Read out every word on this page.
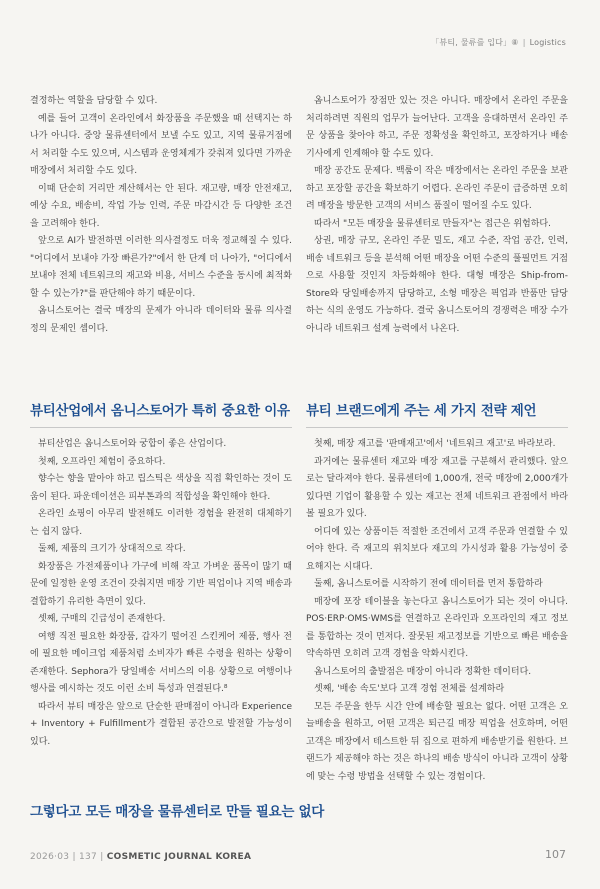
「뷰티, 물류를 입다」⑧ | Logistics

결정하는 역할을 담당할 수 있다.

예를 들어 고객이 온라인에서 화장품을 주문했을 때 선택지는 하나가 아니다. 중앙 물류센터에서 보낼 수도 있고, 지역 물류거점에서 처리할 수도 있으며, 시스템과 운영체계가 갖춰져 있다면 가까운 매장에서 처리할 수도 있다.

이때 단순히 거리만 계산해서는 안 된다. 재고량, 매장 안전재고, 예상 수요, 배송비, 작업 가능 인력, 주문 마감시간 등 다양한 조건을 고려해야 한다.

앞으로 AI가 발전하면 이러한 의사결정도 더욱 정교해질 수 있다. "어디에서 보내야 가장 빠른가?"에서 한 단계 더 나아가, "어디에서 보내야 전체 네트워크의 재고와 비용, 서비스 수준을 동시에 최적화할 수 있는가?"를 판단해야 하기 때문이다.

옴니스토어는 결국 매장의 문제가 아니라 데이터와 물류 의사결정의 문제인 셈이다.

옴니스토어가 장점만 있는 것은 아니다. 매장에서 온라인 주문을 처리하려면 직원의 업무가 늘어난다. 고객을 응대하면서 온라인 주문 상품을 찾아야 하고, 주문 정확성을 확인하고, 포장하거나 배송기사에게 인계해야 할 수도 있다.

매장 공간도 문제다. 백룸이 작은 매장에서는 온라인 주문을 보관하고 포장할 공간을 확보하기 어렵다. 온라인 주문이 급증하면 오히려 매장을 방문한 고객의 서비스 품질이 떨어질 수도 있다.

따라서 "모든 매장을 물류센터로 만들자"는 접근은 위험하다.

상권, 매장 규모, 온라인 주문 밀도, 재고 수준, 작업 공간, 인력, 배송 네트워크 등을 분석해 어떤 매장을 어떤 수준의 풀필먼트 거점으로 사용할 것인지 차등화해야 한다. 대형 매장은 Ship-from-Store와 당일배송까지 담당하고, 소형 매장은 픽업과 반품만 담당하는 식의 운영도 가능하다. 결국 옴니스토어의 경쟁력은 매장 수가 아니라 네트워크 설계 능력에서 나온다.

뷰티산업에서 옴니스토어가 특히 중요한 이유

뷰티산업은 옴니스토어와 궁합이 좋은 산업이다.

첫째, 오프라인 체험이 중요하다.

향수는 향을 맡아야 하고 립스틱은 색상을 직접 확인하는 것이 도움이 된다. 파운데이션은 피부톤과의 적합성을 확인해야 한다.

온라인 쇼핑이 아무리 발전해도 이러한 경험을 완전히 대체하기는 쉽지 않다.

둘째, 제품의 크기가 상대적으로 작다.

화장품은 가전제품이나 가구에 비해 작고 가벼운 품목이 많기 때문에 일정한 운영 조건이 갖춰지면 매장 기반 픽업이나 지역 배송과 결합하기 유리한 측면이 있다.

셋째, 구매의 긴급성이 존재한다.

여행 직전 필요한 화장품, 갑자기 떨어진 스킨케어 제품, 행사 전에 필요한 메이크업 제품처럼 소비자가 빠른 수령을 원하는 상황이 존재한다. Sephora가 당일배송 서비스의 이용 상황으로 여행이나 행사를 예시하는 것도 이런 소비 특성과 연결된다.⁸

따라서 뷰티 매장은 앞으로 단순한 판매점이 아니라 Experience + Inventory + Fulfillment가 결합된 공간으로 발전할 가능성이 있다.

그렇다고 모든 매장을 물류센터로 만들 필요는 없다
뷰티 브랜드에게 주는 세 가지 전략 제언

첫째, 매장 재고를 '판매재고'에서 '네트워크 재고'로 바라보라.

과거에는 물류센터 재고와 매장 재고를 구분해서 관리했다. 앞으로는 달라져야 한다. 물류센터에 1,000개, 전국 매장에 2,000개가 있다면 기업이 활용할 수 있는 재고는 전체 네트워크 관점에서 바라볼 필요가 있다.

어디에 있는 상품이든 적절한 조건에서 고객 주문과 연결할 수 있어야 한다. 즉 재고의 위치보다 재고의 가시성과 활용 가능성이 중요해지는 시대다.

둘째, 옴니스토어를 시작하기 전에 데이터를 먼저 통합하라

매장에 포장 테이블을 놓는다고 옴니스토어가 되는 것이 아니다. POS·ERP·OMS·WMS를 연결하고 온라인과 오프라인의 재고 정보를 통합하는 것이 먼저다. 잘못된 재고정보를 기반으로 빠른 배송을 약속하면 오히려 고객 경험을 악화시킨다.

옴니스토어의 출발점은 매장이 아니라 정확한 데이터다.

셋째, '배송 속도'보다 고객 경험 전체를 설계하라

모든 주문을 한두 시간 안에 배송할 필요는 없다. 어떤 고객은 오늘배송을 원하고, 어떤 고객은 퇴근길 매장 픽업을 선호하며, 어떤 고객은 매장에서 테스트한 뒤 집으로 편하게 배송받기를 원한다. 브랜드가 제공해야 하는 것은 하나의 배송 방식이 아니라 고객이 상황에 맞는 수령 방법을 선택할 수 있는 경험이다.

2026·03 | 137 | COSMETIC JOURNAL KOREA	107
